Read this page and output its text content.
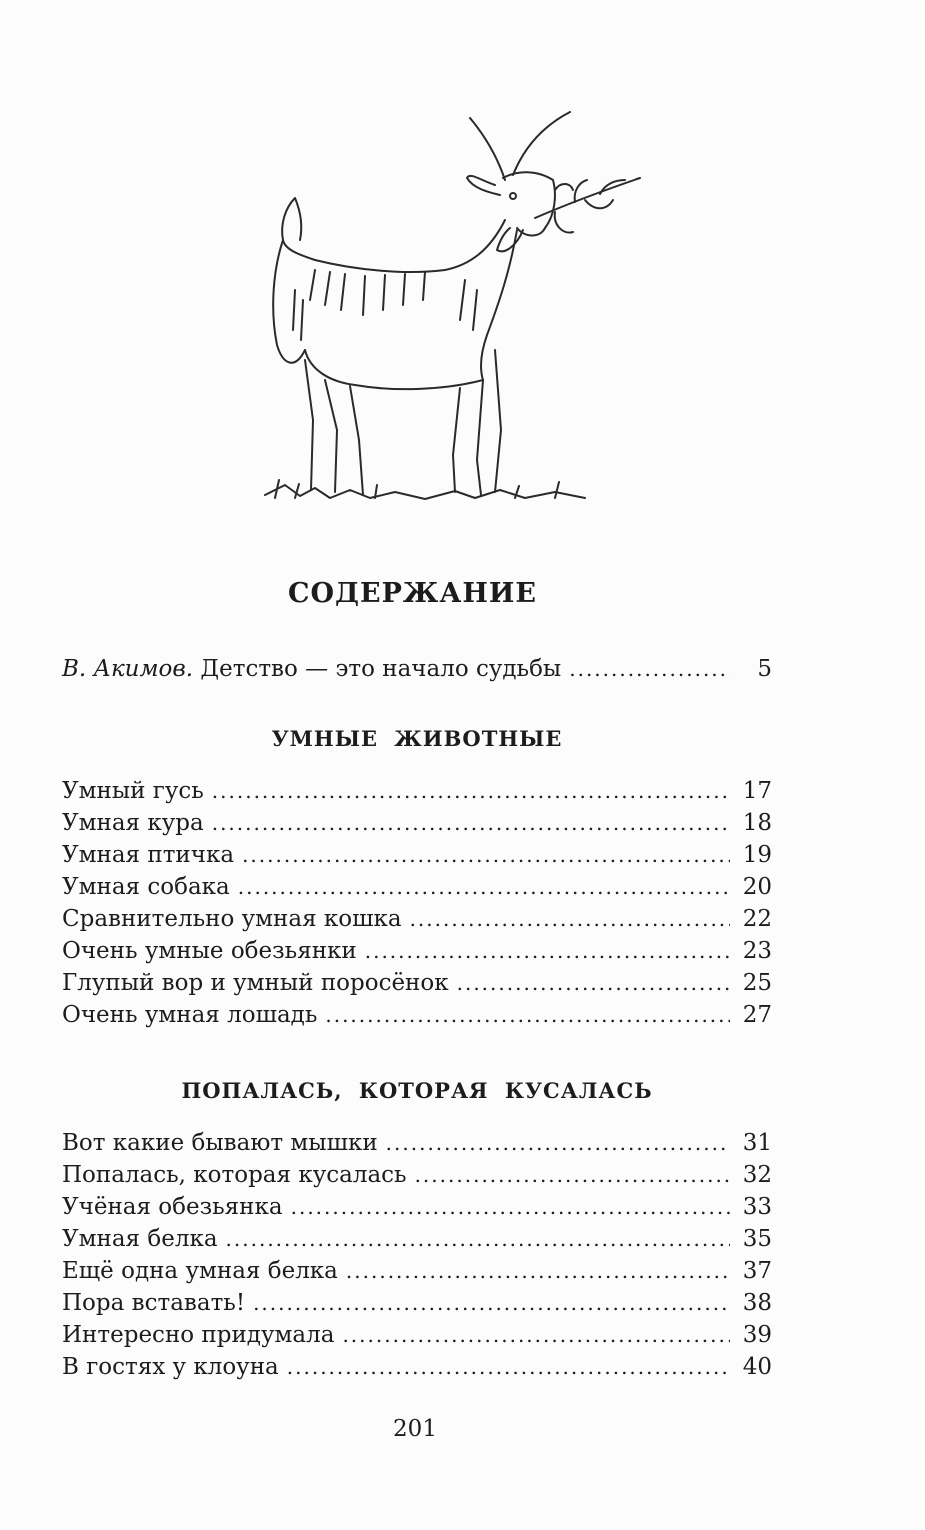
СОДЕРЖАНИЕ
В. Акимов. Детство — это начало судьбы .....	5
УМНЫЕ ЖИВОТНЫЕ
Умный гусь .....	17
Умная кура .....	18
Умная птичка .....	19
Умная собака .....	20
Сравнительно умная кошка .....	22
Очень умные обезьянки .....	23
Глупый вор и умный поросёнок .....	25
Очень умная лошадь .....	27
ПОПАЛАСЬ, КОТОРАЯ КУСАЛАСЬ
Вот какие бывают мышки .....	31
Попалась, которая кусалась .....	32
Учёная обезьянка .....	33
Умная белка .....	35
Ещё одна умная белка .....	37
Пора вставать! .....	38
Интересно придумала .....	39
В гостях у клоуна .....	40
201
